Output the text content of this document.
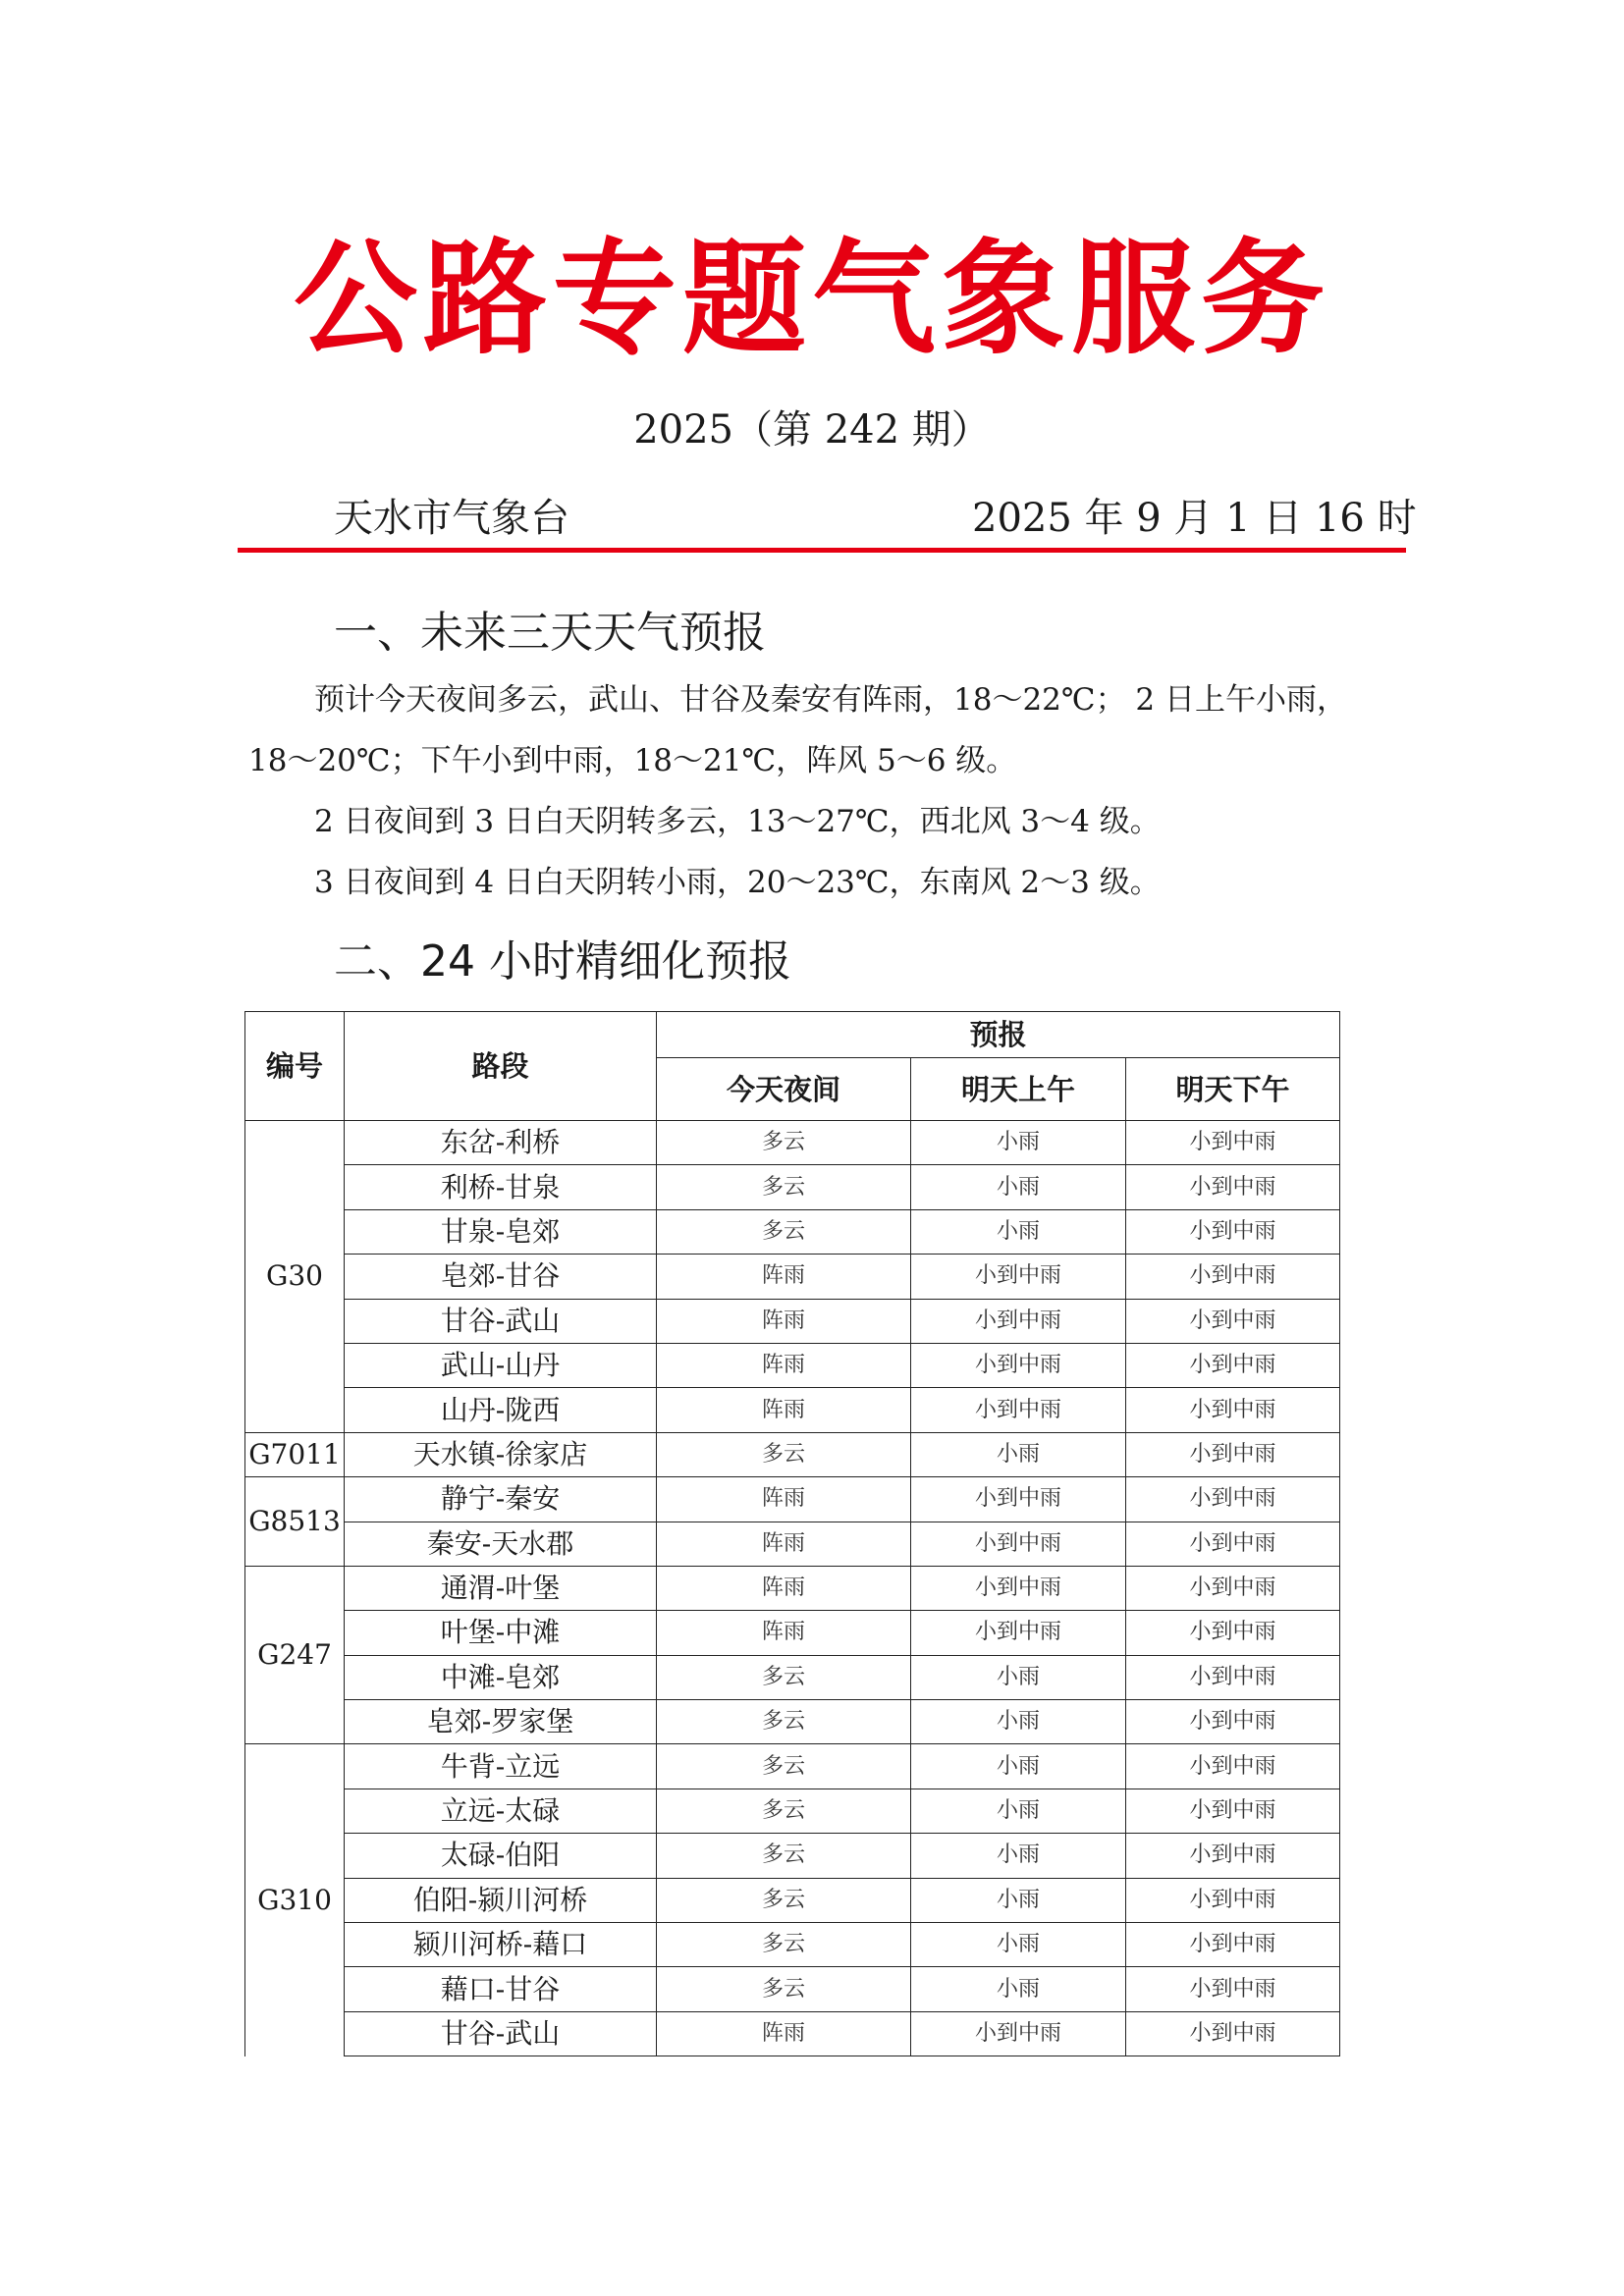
公路专题气象服务
2025（第 242 期）
天水市气象台	2025 年 9 月 1 日 16 时
一、未来三天天气预报
预计今天夜间多云，武山、甘谷及秦安有阵雨，18～22℃； 2 日上午小雨，
18～20℃；下午小到中雨，18～21℃，阵风 5～6 级。
2 日夜间到 3 日白天阴转多云，13～27℃，西北风 3～4 级。
3 日夜间到 4 日白天阴转小雨，20～23℃，东南风 2～3 级。
二、24 小时精细化预报
编号	路段	预报		
		今天夜间	明天上午	明天下午
G30	东岔-利桥	多云	小雨	小到中雨
	利桥-甘泉	多云	小雨	小到中雨
	甘泉-皂郊	多云	小雨	小到中雨
	皂郊-甘谷	阵雨	小到中雨	小到中雨
	甘谷-武山	阵雨	小到中雨	小到中雨
	武山-山丹	阵雨	小到中雨	小到中雨
	山丹-陇西	阵雨	小到中雨	小到中雨
G7011	天水镇-徐家店	多云	小雨	小到中雨
G8513	静宁-秦安	阵雨	小到中雨	小到中雨
	秦安-天水郡	阵雨	小到中雨	小到中雨
G247	通渭-叶堡	阵雨	小到中雨	小到中雨
	叶堡-中滩	阵雨	小到中雨	小到中雨
	中滩-皂郊	多云	小雨	小到中雨
	皂郊-罗家堡	多云	小雨	小到中雨
G310	牛背-立远	多云	小雨	小到中雨
	立远-太碌	多云	小雨	小到中雨
	太碌-伯阳	多云	小雨	小到中雨
	伯阳-颍川河桥	多云	小雨	小到中雨
	颍川河桥-藉口	多云	小雨	小到中雨
	藉口-甘谷	多云	小雨	小到中雨
	甘谷-武山	阵雨	小到中雨	小到中雨
